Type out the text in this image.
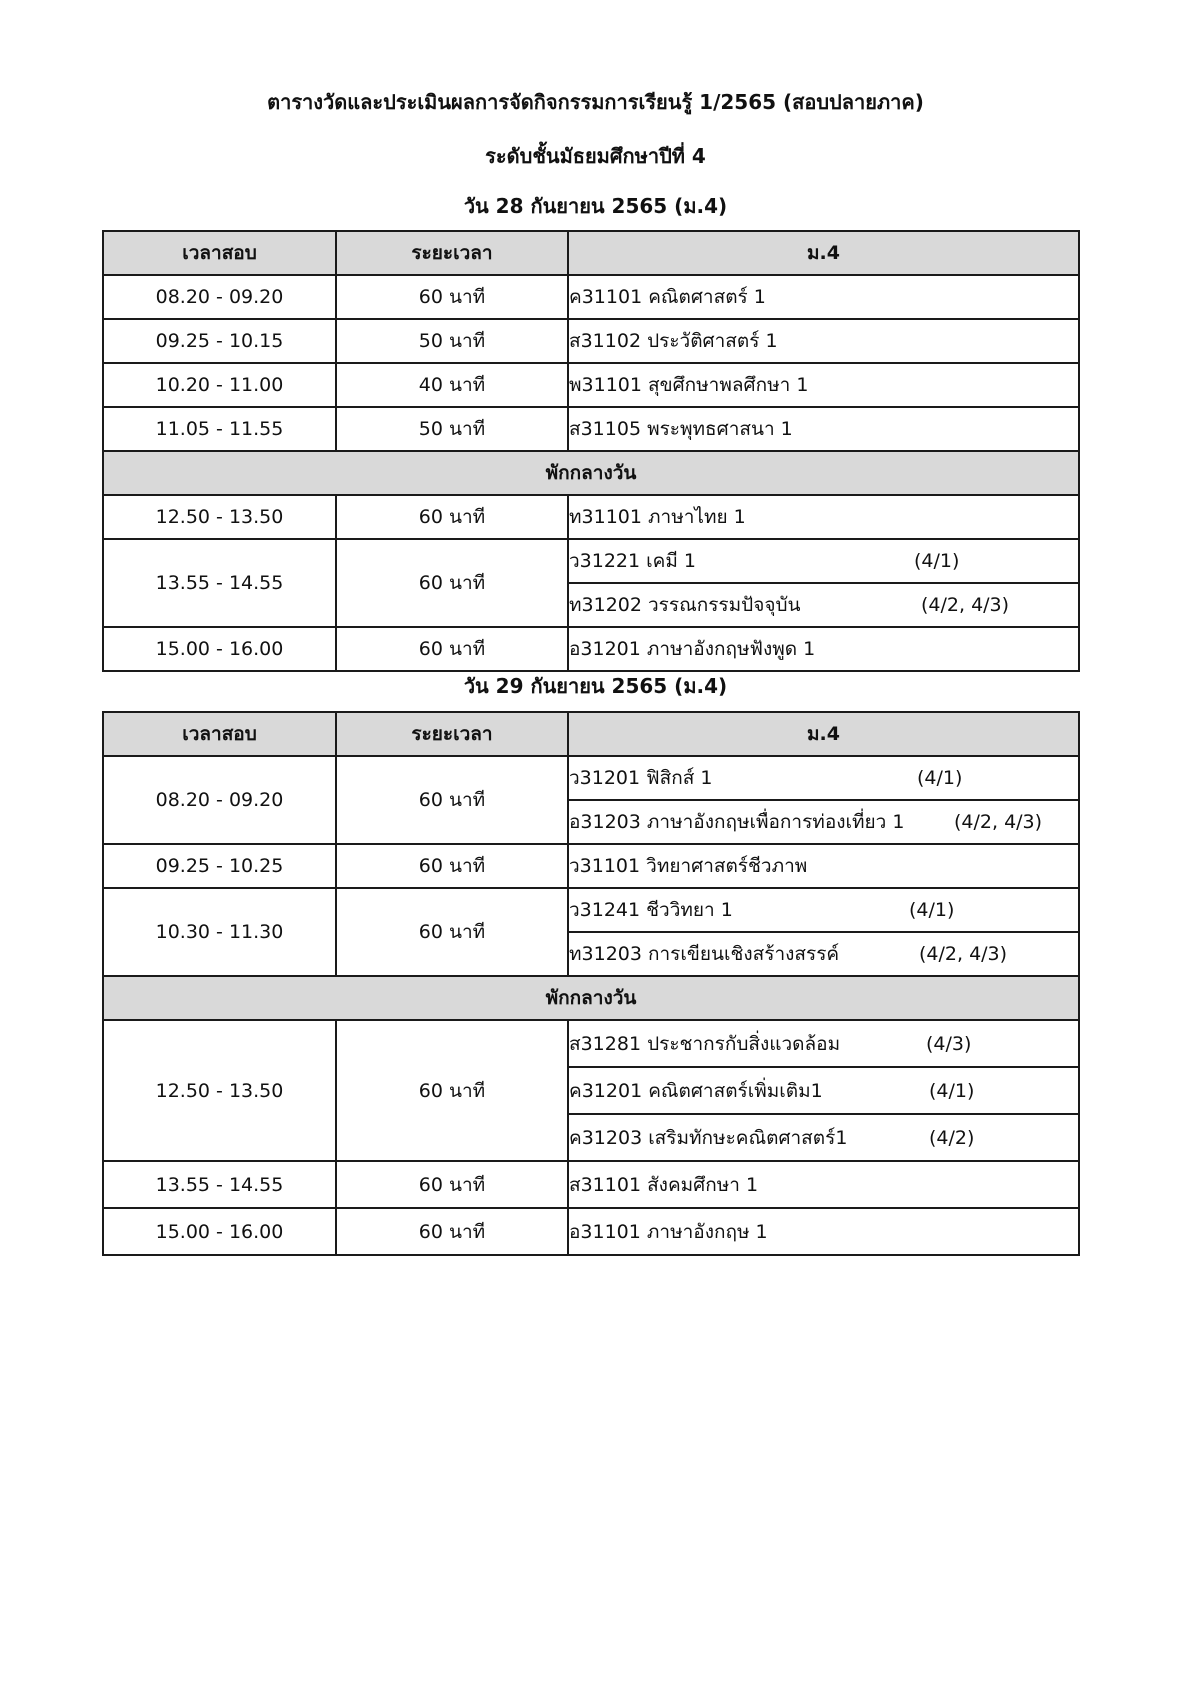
ตารางวัดและประเมินผลการจัดกิจกรรมการเรียนรู้ 1/2565 (สอบปลายภาค)
ระดับชั้นมัธยมศึกษาปีที่ 4
วัน 28 กันยายน 2565 (ม.4)
เวลาสอบ	ระยะเวลา	ม.4
08.20 - 09.20	60 นาที	ค31101 คณิตศาสตร์ 1
09.25 - 10.15	50 นาที	ส31102 ประวัติศาสตร์ 1
10.20 - 11.00	40 นาที	พ31101 สุขศึกษาพลศึกษา 1
11.05 - 11.55	50 นาที	ส31105 พระพุทธศาสนา 1
พักกลางวัน		
12.50 - 13.50	60 นาที	ท31101 ภาษาไทย 1
13.55 - 14.55	60 นาที	ว31221 เคมี 1 (4/1)

		ท31202 วรรณกรรมปัจจุบัน (4/2, 4/3)

15.00 - 16.00	60 นาที	อ31201 ภาษาอังกฤษฟังพูด 1
วัน 29 กันยายน 2565 (ม.4)
เวลาสอบ	ระยะเวลา	ม.4
08.20 - 09.20	60 นาที	ว31201 ฟิสิกส์ 1 (4/1)

		อ31203 ภาษาอังกฤษเพื่อการท่องเที่ยว 1 (4/2, 4/3)

09.25 - 10.25	60 นาที	ว31101 วิทยาศาสตร์ชีวภาพ
10.30 - 11.30	60 นาที	ว31241 ชีววิทยา 1 (4/1)

		ท31203 การเขียนเชิงสร้างสรรค์ (4/2, 4/3)

พักกลางวัน		
12.50 - 13.50	60 นาที	ส31281 ประชากรกับสิ่งแวดล้อม (4/3)

		ค31201 คณิตศาสตร์เพิ่มเติม1 (4/1)

		ค31203 เสริมทักษะคณิตศาสตร์1 (4/2)

13.55 - 14.55	60 นาที	ส31101 สังคมศึกษา 1
15.00 - 16.00	60 นาที	อ31101 ภาษาอังกฤษ 1
